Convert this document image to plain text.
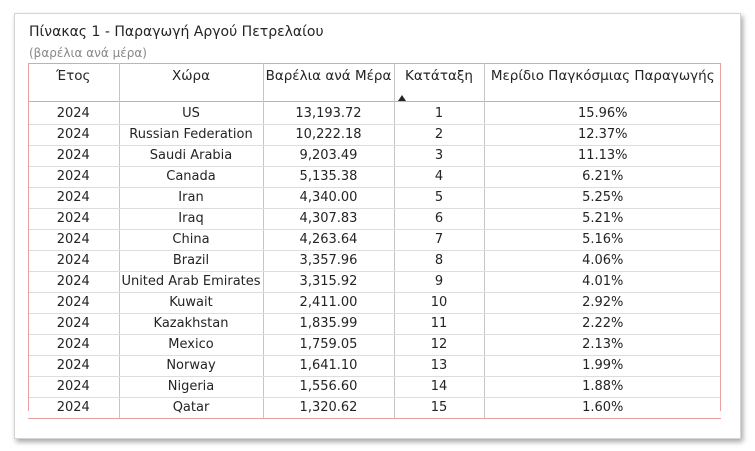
Πίνακας 1 - Παραγωγή Αργού Πετρελαίου
(βαρέλια ανά μέρα)
Έτος	Χώρα	Βαρέλια ανά Μέρα	Κατάταξη	Μερίδιο Παγκόσμιας Παραγωγής
2024	US	13,193.72	1	15.96%
2024	Russian Federation	10,222.18	2	12.37%
2024	Saudi Arabia	9,203.49	3	11.13%
2024	Canada	5,135.38	4	6.21%
2024	Iran	4,340.00	5	5.25%
2024	Iraq	4,307.83	6	5.21%
2024	China	4,263.64	7	5.16%
2024	Brazil	3,357.96	8	4.06%
2024	United Arab Emirates	3,315.92	9	4.01%
2024	Kuwait	2,411.00	10	2.92%
2024	Kazakhstan	1,835.99	11	2.22%
2024	Mexico	1,759.05	12	2.13%
2024	Norway	1,641.10	13	1.99%
2024	Nigeria	1,556.60	14	1.88%
2024	Qatar	1,320.62	15	1.60%
